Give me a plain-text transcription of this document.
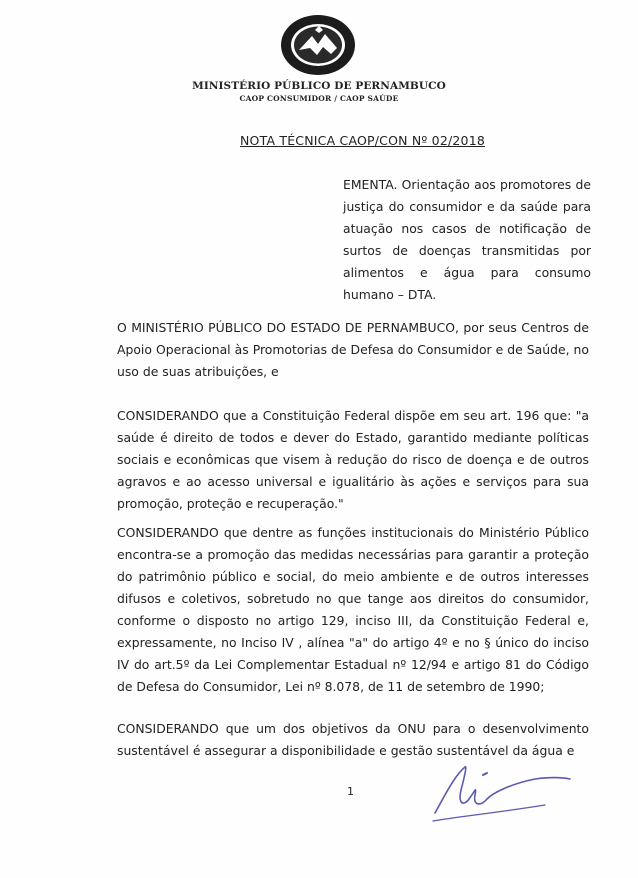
MINISTÉRIO PÚBLICO DE PERNAMBUCO
CAOP CONSUMIDOR / CAOP SAÚDE
NOTA TÉCNICA CAOP/CON Nº 02/2018
EMENTA. Orientação aos promotores de justiça do consumidor e da saúde para atuação nos casos de notificação de surtos de doenças transmitidas por alimentos e água para consumo humano – DTA.
O MINISTÉRIO PÚBLICO DO ESTADO DE PERNAMBUCO, por seus Centros de Apoio Operacional às Promotorias de Defesa do Consumidor e de Saúde, no uso de suas atribuições, e
CONSIDERANDO que a Constituição Federal dispõe em seu art. 196 que: "a saúde é direito de todos e dever do Estado, garantido mediante políticas sociais e econômicas que visem à redução do risco de doença e de outros agravos e ao acesso universal e igualitário às ações e serviços para sua promoção, proteção e recuperação."
CONSIDERANDO que dentre as funções institucionais do Ministério Público encontra-se a promoção das medidas necessárias para garantir a proteção do patrimônio público e social, do meio ambiente e de outros interesses difusos e coletivos, sobretudo no que tange aos direitos do consumidor, conforme o disposto no artigo 129, inciso III, da Constituição Federal e, expressamente, no Inciso IV , alínea "a" do artigo 4º e no § único do inciso IV do art.5º da Lei Complementar Estadual nº 12/94 e artigo 81 do Código de Defesa do Consumidor, Lei nº 8.078, de 11 de setembro de 1990;
CONSIDERANDO que um dos objetivos da ONU para o desenvolvimento sustentável é assegurar a disponibilidade e gestão sustentável da água e
1
